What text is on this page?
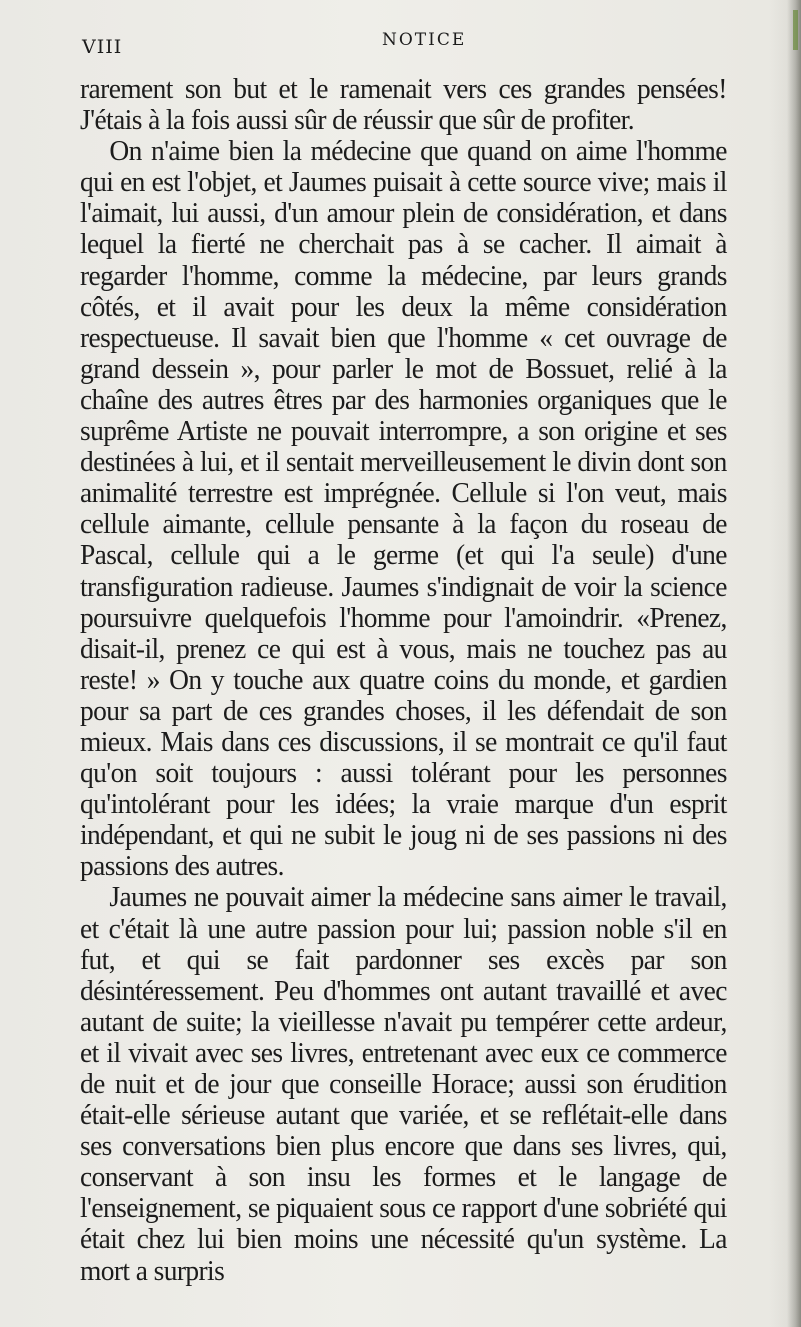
VIII	NOTICE

rarement son but et le ramenait vers ces grandes pensées! J'étais à la fois aussi sûr de réussir que sûr de profiter.

On n'aime bien la médecine que quand on aime l'homme qui en est l'objet, et Jaumes puisait à cette source vive; mais il l'aimait, lui aussi, d'un amour plein de considération, et dans lequel la fierté ne cherchait pas à se cacher. Il aimait à regarder l'homme, comme la médecine, par leurs grands côtés, et il avait pour les deux la même considération respectueuse. Il savait bien que l'homme « cet ouvrage de grand dessein », pour parler le mot de Bossuet, relié à la chaîne des autres êtres par des harmonies organiques que le suprême Artiste ne pouvait interrompre, a son origine et ses destinées à lui, et il sentait merveilleusement le divin dont son animalité terrestre est imprégnée. Cellule si l'on veut, mais cellule aimante, cellule pensante à la façon du roseau de Pascal, cellule qui a le germe (et qui l'a seule) d'une transfiguration radieuse. Jaumes s'indignait de voir la science poursuivre quelquefois l'homme pour l'amoindrir. «Prenez, disait-il, prenez ce qui est à vous, mais ne touchez pas au reste! » On y touche aux quatre coins du monde, et gardien pour sa part de ces grandes choses, il les défendait de son mieux. Mais dans ces discussions, il se montrait ce qu'il faut qu'on soit toujours : aussi tolérant pour les personnes qu'intolérant pour les idées; la vraie marque d'un esprit indépendant, et qui ne subit le joug ni de ses passions ni des passions des autres.

Jaumes ne pouvait aimer la médecine sans aimer le travail, et c'était là une autre passion pour lui; passion noble s'il en fut, et qui se fait pardonner ses excès par son désintéressement. Peu d'hommes ont autant travaillé et avec autant de suite; la vieillesse n'avait pu tempérer cette ardeur, et il vivait avec ses livres, entretenant avec eux ce commerce de nuit et de jour que conseille Horace; aussi son érudition était-elle sérieuse autant que variée, et se reflétait-elle dans ses conversations bien plus encore que dans ses livres, qui, conservant à son insu les formes et le langage de l'enseignement, se piquaient sous ce rapport d'une sobriété qui était chez lui bien moins une nécessité qu'un système. La mort a surpris
